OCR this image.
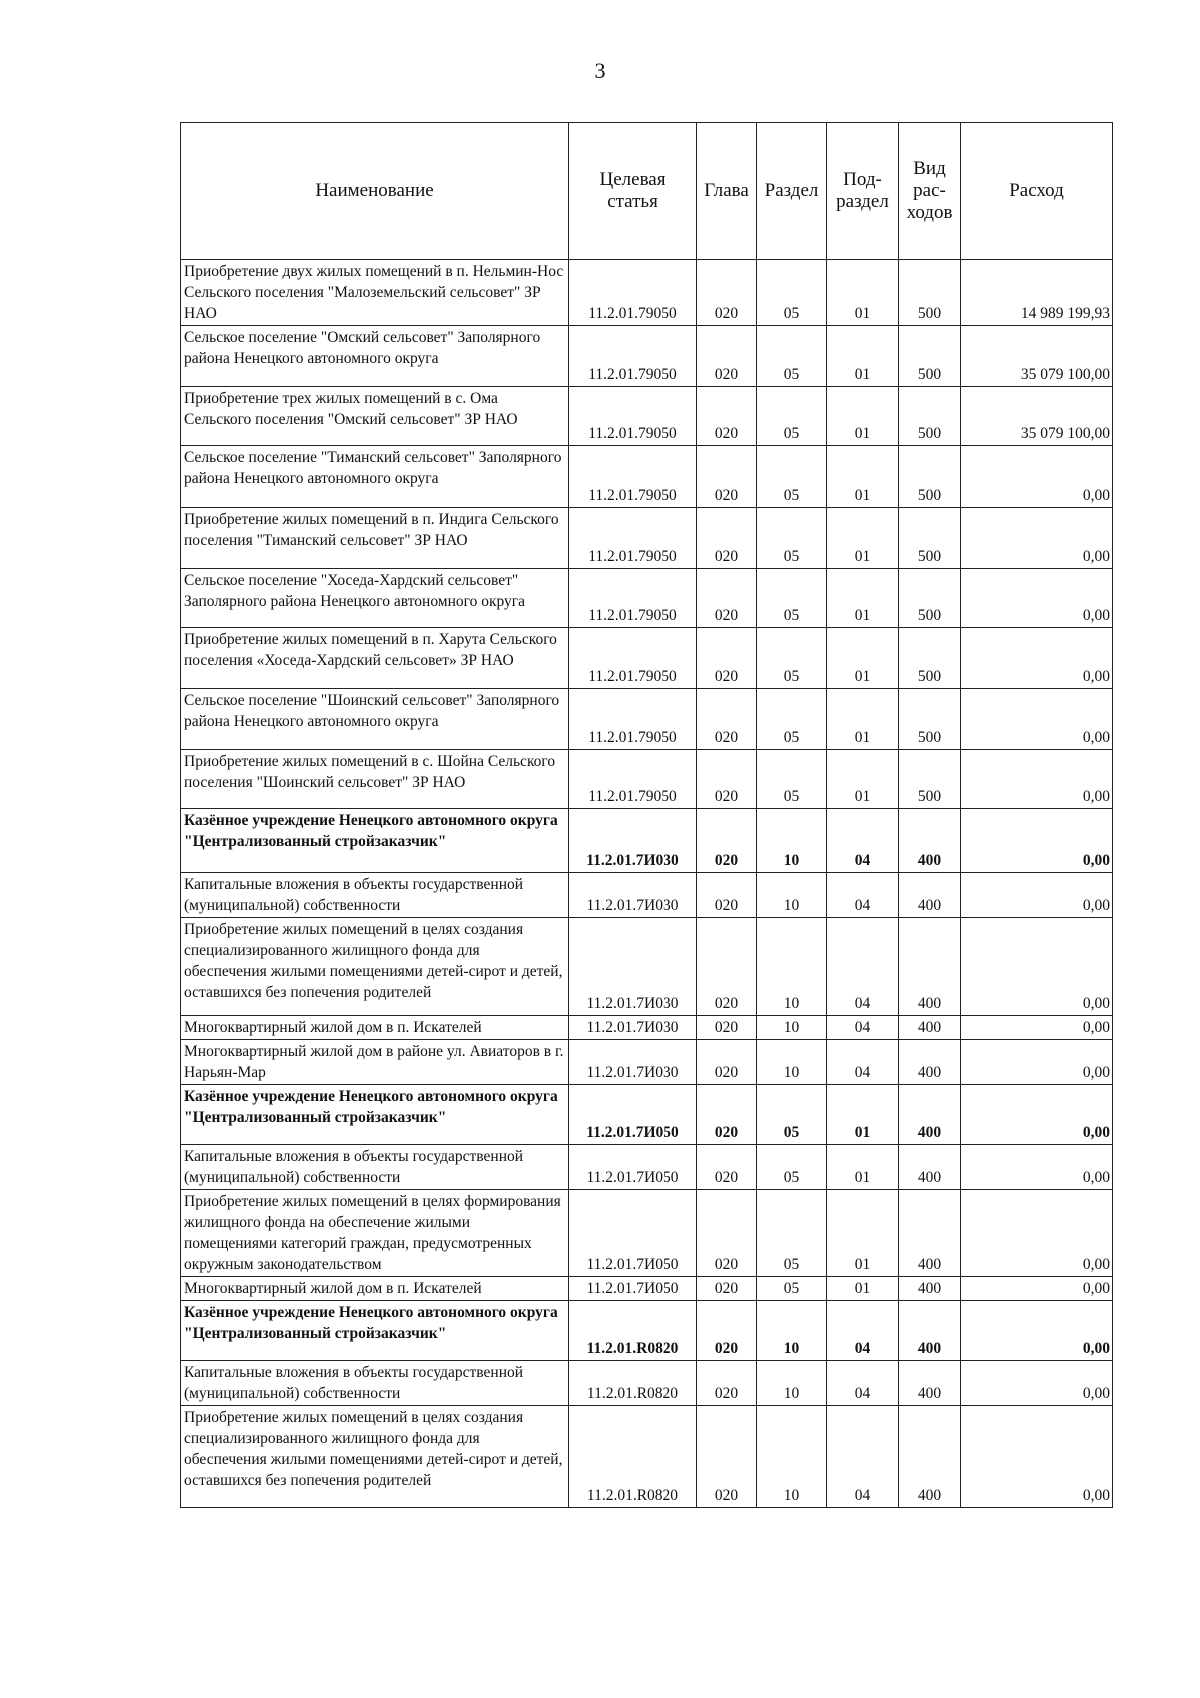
3
Наименование	Целевая статья	Глава	Раздел	Под-раздел	Вид рас-ходов	Расход
Приобретение двух жилых помещений в п. Нельмин-Нос Сельского поселения "Малоземельский сельсовет" ЗР НАО	11.2.01.79050	020	05	01	500	14 989 199,93
Сельское поселение "Омский сельсовет" Заполярного района Ненецкого автономного округа	11.2.01.79050	020	05	01	500	35 079 100,00
Приобретение трех жилых помещений в с. Ома Сельского поселения "Омский сельсовет" ЗР НАО	11.2.01.79050	020	05	01	500	35 079 100,00
Сельское поселение "Тиманский сельсовет" Заполярного района Ненецкого автономного округа	11.2.01.79050	020	05	01	500	0,00
Приобретение жилых помещений в п. Индига Сельского поселения "Тиманский сельсовет" ЗР НАО	11.2.01.79050	020	05	01	500	0,00
Сельское поселение "Хоседа-Хардский сельсовет" Заполярного района Ненецкого автономного округа	11.2.01.79050	020	05	01	500	0,00
Приобретение жилых помещений в п. Харута Сельского поселения «Хоседа-Хардский сельсовет» ЗР НАО	11.2.01.79050	020	05	01	500	0,00
Сельское поселение "Шоинский сельсовет" Заполярного района Ненецкого автономного округа	11.2.01.79050	020	05	01	500	0,00
Приобретение жилых помещений в с. Шойна Сельского поселения "Шоинский сельсовет" ЗР НАО	11.2.01.79050	020	05	01	500	0,00
Казённое учреждение Ненецкого автономного округа "Централизованный стройзаказчик"	11.2.01.7И030	020	10	04	400	0,00
Капитальные вложения в объекты государственной (муниципальной) собственности	11.2.01.7И030	020	10	04	400	0,00
Приобретение жилых помещений в целях создания специализированного жилищного фонда для обеспечения жилыми помещениями детей-сирот и детей, оставшихся без попечения родителей	11.2.01.7И030	020	10	04	400	0,00
Многоквартирный жилой дом в п. Искателей	11.2.01.7И030	020	10	04	400	0,00
Многоквартирный жилой дом в районе ул. Авиаторов в г. Нарьян-Мар	11.2.01.7И030	020	10	04	400	0,00
Казённое учреждение Ненецкого автономного округа "Централизованный стройзаказчик"	11.2.01.7И050	020	05	01	400	0,00
Капитальные вложения в объекты государственной (муниципальной) собственности	11.2.01.7И050	020	05	01	400	0,00
Приобретение жилых помещений в целях формирования жилищного фонда на обеспечение жилыми помещениями категорий граждан, предусмотренных окружным законодательством	11.2.01.7И050	020	05	01	400	0,00
Многоквартирный жилой дом в п. Искателей	11.2.01.7И050	020	05	01	400	0,00
Казённое учреждение Ненецкого автономного округа "Централизованный стройзаказчик"	11.2.01.R0820	020	10	04	400	0,00
Капитальные вложения в объекты государственной (муниципальной) собственности	11.2.01.R0820	020	10	04	400	0,00
Приобретение жилых помещений в целях создания специализированного жилищного фонда для обеспечения жилыми помещениями детей-сирот и детей, оставшихся без попечения родителей	11.2.01.R0820	020	10	04	400	0,00
